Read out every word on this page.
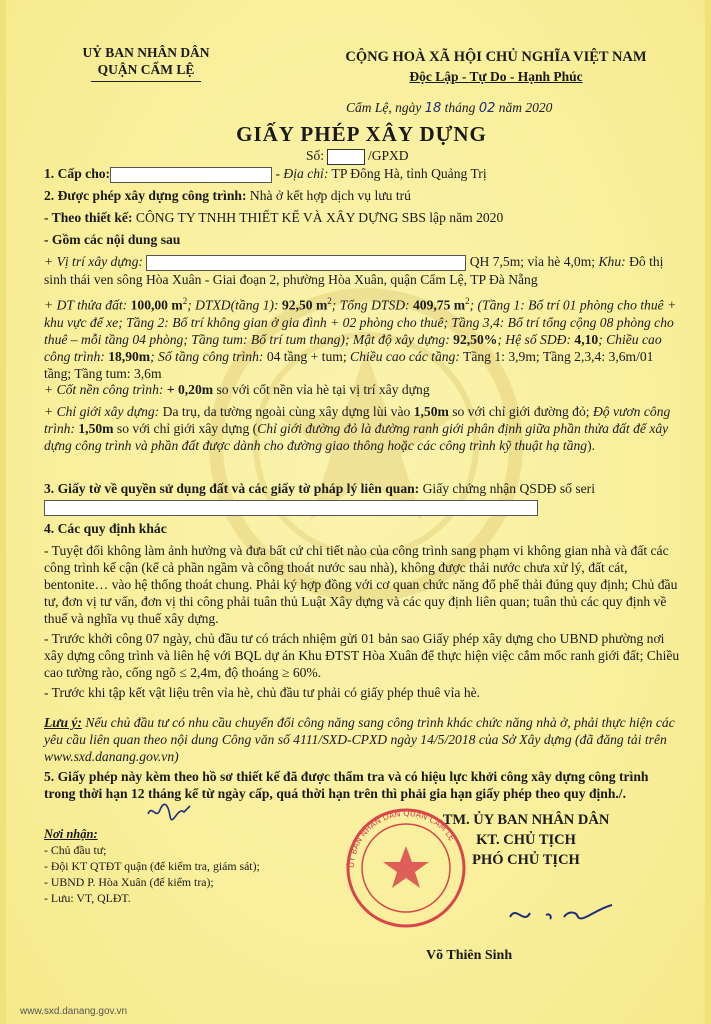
UỶ BAN NHÂN DÂN
QUẬN CẨM LỆ
CỘNG HOÀ XÃ HỘI CHỦ NGHĨA VIỆT NAM
Độc Lập - Tự Do - Hạnh Phúc
Cẩm Lệ, ngày 18 tháng 02 năm 2020
GIẤY PHÉP XÂY DỰNG
Số:	/GPXD
1. Cấp cho:	- Địa chỉ: TP Đông Hà, tỉnh Quảng Trị
2. Được phép xây dựng công trình: Nhà ở kết hợp dịch vụ lưu trú
- Theo thiết kế: CÔNG TY TNHH THIẾT KẾ VÀ XÂY DỰNG SBS lập năm 2020
- Gồm các nội dung sau
+ Vị trí xây dựng:	QH 7,5m; vỉa hè 4,0m; Khu: Đô thị sinh thái ven sông Hòa Xuân - Giai đoạn 2, phường Hòa Xuân, quận Cẩm Lệ, TP Đà Nẵng
+ DT thửa đất: 100,00 $m^2$; DTXD(tầng 1): 92,50 $m^2$; Tổng DTSD: 409,75 $m^2$; (Tầng 1: Bố trí 01 phòng cho thuê + khu vực để xe; Tầng 2: Bố trí không gian ở gia đình + 02 phòng cho thuê; Tầng 3,4: Bố trí tổng cộng 08 phòng cho thuê – mỗi tầng 04 phòng; Tầng tum: Bố trí tum thang); Mật độ xây dựng: 92,50%; Hệ số SDĐ: 4,10; Chiều cao công trình: 18,90m; Số tầng công trình: 04 tầng + tum; Chiều cao các tầng: Tầng 1: 3,9m; Tầng 2,3,4: 3,6m/01 tầng; Tầng tum: 3,6m
+ Cốt nền công trình: + 0,20m so với cốt nền vỉa hè tại vị trí xây dựng
+ Chỉ giới xây dựng: Da trụ, da tường ngoài cùng xây dựng lùi vào 1,50m so với chỉ giới đường đỏ; Độ vươn công trình: 1,50m so với chỉ giới xây dựng (Chỉ giới đường đỏ là đường ranh giới phân định giữa phần thửa đất để xây dựng công trình và phần đất được dành cho đường giao thông hoặc các công trình kỹ thuật hạ tầng).
3. Giấy tờ về quyền sử dụng đất và các giấy tờ pháp lý liên quan: Giấy chứng nhận QSDĐ số seri

4. Các quy định khác
- Tuyệt đối không làm ảnh hưởng và đưa bất cứ chi tiết nào của công trình sang phạm vi không gian nhà và đất các công trình kế cận (kể cả phần ngầm và công thoát nước sau nhà), không được thải nước chưa xử lý, đất cát, bentonite… vào hệ thống thoát chung. Phải ký hợp đồng với cơ quan chức năng đổ phế thải đúng quy định; Chủ đầu tư, đơn vị tư vấn, đơn vị thi công phải tuân thủ Luật Xây dựng và các quy định liên quan; tuân thủ các quy định về thuế và nghĩa vụ thuế xây dựng.
- Trước khởi công 07 ngày, chủ đầu tư có trách nhiệm gửi 01 bản sao Giấy phép xây dựng cho UBND phường nơi xây dựng công trình và liên hệ với BQL dự án Khu ĐTST Hòa Xuân để thực hiện việc cắm mốc ranh giới đất; Chiều cao tường rào, cổng ngõ ≤ 2,4m, độ thoáng ≥ 60%.
- Trước khi tập kết vật liệu trên vỉa hè, chủ đầu tư phải có giấy phép thuê vỉa hè.
Lưu ý: Nếu chủ đầu tư có nhu cầu chuyển đổi công năng sang công trình khác chức năng nhà ở, phải thực hiện các yêu cầu liên quan theo nội dung Công văn số 4111/SXD-CPXD ngày 14/5/2018 của Sở Xây dựng (đã đăng tải trên www.sxd.danang.gov.vn)
5. Giấy phép này kèm theo hồ sơ thiết kế đã được thẩm tra và có hiệu lực khởi công xây dựng công trình trong thời hạn 12 tháng kể từ ngày cấp, quá thời hạn trên thì phải gia hạn giấy phép theo quy định./.
Nơi nhận:
- Chủ đầu tư;
- Đội KT QTĐT quận (để kiểm tra, giám sát);
- UBND P. Hòa Xuân (để kiểm tra);
- Lưu: VT, QLĐT.
ỦY BAN NHÂN DÂN QUẬN CẨM LỆ
TM. ỦY BAN NHÂN DÂN
KT. CHỦ TỊCH
PHÓ CHỦ TỊCH
Võ Thiên Sinh
www.sxd.danang.gov.vn
